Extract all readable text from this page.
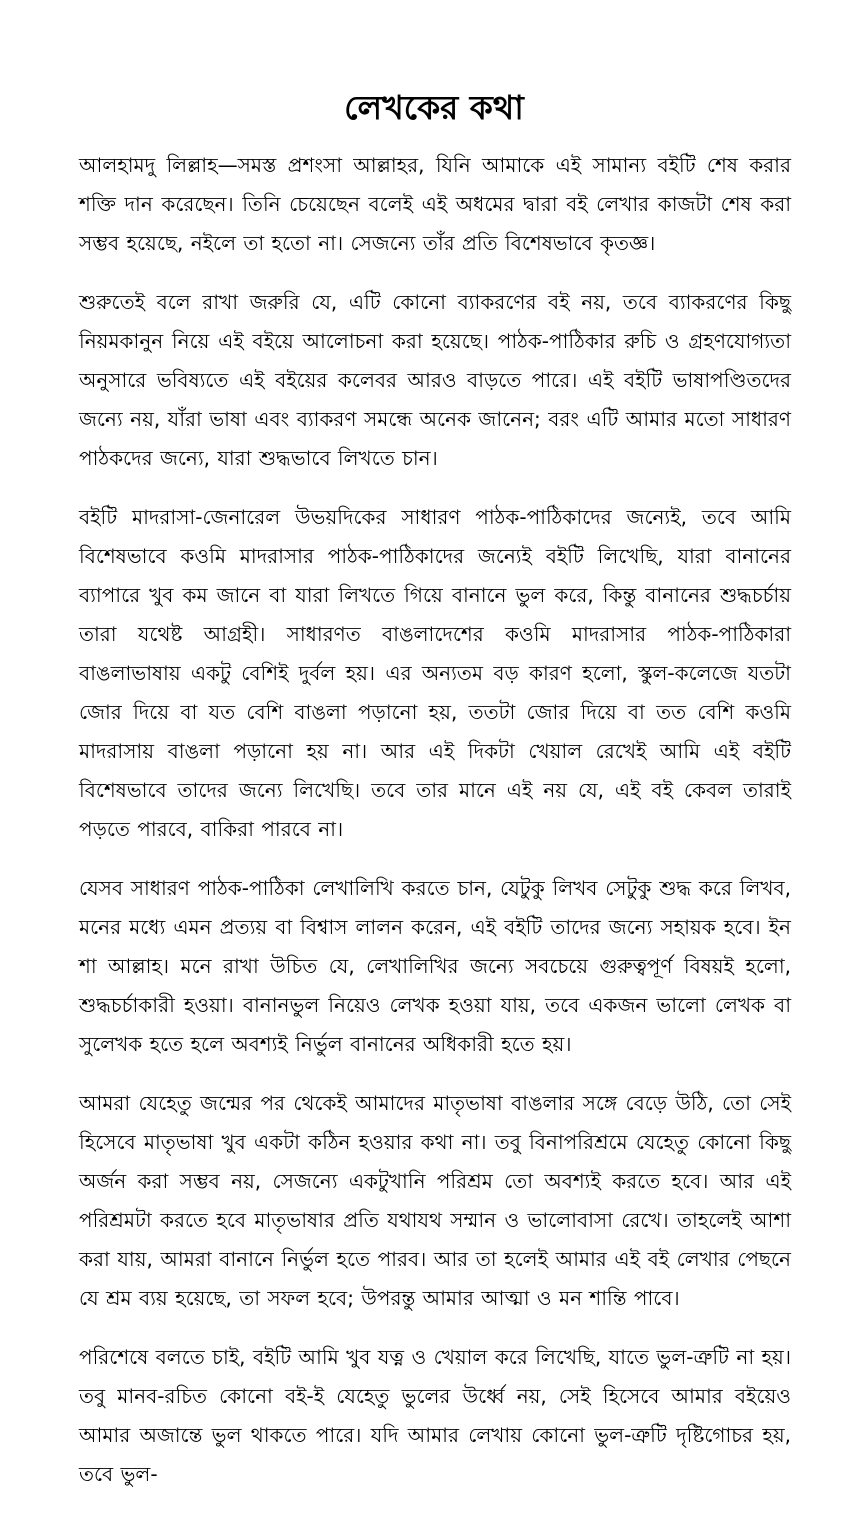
লেখকের কথা

আলহামদু লিল্লাহ—সমস্ত প্রশংসা আল্লাহর, যিনি আমাকে এই সামান্য বইটি শেষ করার শক্তি দান করেছেন। তিনি চেয়েছেন বলেই এই অধমের দ্বারা বই লেখার কাজটা শেষ করা সম্ভব হয়েছে, নইলে তা হতো না। সেজন্যে তাঁর প্রতি বিশেষভাবে কৃতজ্ঞ।

শুরুতেই বলে রাখা জরুরি যে, এটি কোনো ব্যাকরণের বই নয়, তবে ব্যাকরণের কিছু নিয়মকানুন নিয়ে এই বইয়ে আলোচনা করা হয়েছে। পাঠক-পাঠিকার রুচি ও গ্রহণযোগ্যতা অনুসারে ভবিষ্যতে এই বইয়ের কলেবর আরও বাড়তে পারে। এই বইটি ভাষাপণ্ডিতদের জন্যে নয়, যাঁরা ভাষা এবং ব্যাকরণ সমন্ধে অনেক জানেন; বরং এটি আমার মতো সাধারণ পাঠকদের জন্যে, যারা শুদ্ধভাবে লিখতে চান।

বইটি মাদরাসা-জেনারেল উভয়দিকের সাধারণ পাঠক-পাঠিকাদের জন্যেই, তবে আমি বিশেষভাবে কওমি মাদরাসার পাঠক-পাঠিকাদের জন্যেই বইটি লিখেছি, যারা বানানের ব্যাপারে খুব কম জানে বা যারা লিখতে গিয়ে বানানে ভুল করে, কিন্তু বানানের শুদ্ধচর্চায় তারা যথেষ্ট আগ্রহী। সাধারণত বাঙলাদেশের কওমি মাদরাসার পাঠক-পাঠিকারা বাঙলাভাষায় একটু বেশিই দুর্বল হয়। এর অন্যতম বড় কারণ হলো, স্কুল-কলেজে যতটা জোর দিয়ে বা যত বেশি বাঙলা পড়ানো হয়, ততটা জোর দিয়ে বা তত বেশি কওমি মাদরাসায় বাঙলা পড়ানো হয় না। আর এই দিকটা খেয়াল রেখেই আমি এই বইটি বিশেষভাবে তাদের জন্যে লিখেছি। তবে তার মানে এই নয় যে, এই বই কেবল তারাই পড়তে পারবে, বাকিরা পারবে না।

যেসব সাধারণ পাঠক-পাঠিকা লেখালিখি করতে চান, যেটুকু লিখব সেটুকু শুদ্ধ করে লিখব, মনের মধ্যে এমন প্রত্যয় বা বিশ্বাস লালন করেন, এই বইটি তাদের জন্যে সহায়ক হবে। ইন শা আল্লাহ। মনে রাখা উচিত যে, লেখালিখির জন্যে সবচেয়ে গুরুত্বপূর্ণ বিষয়ই হলো, শুদ্ধচর্চাকারী হওয়া। বানানভুল নিয়েও লেখক হওয়া যায়, তবে একজন ভালো লেখক বা সুলেখক হতে হলে অবশ্যই নির্ভুল বানানের অধিকারী হতে হয়।

আমরা যেহেতু জন্মের পর থেকেই আমাদের মাতৃভাষা বাঙলার সঙ্গে বেড়ে উঠি, তো সেই হিসেবে মাতৃভাষা খুব একটা কঠিন হওয়ার কথা না। তবু বিনাপরিশ্রমে যেহেতু কোনো কিছু অর্জন করা সম্ভব নয়, সেজন্যে একটুখানি পরিশ্রম তো অবশ্যই করতে হবে। আর এই পরিশ্রমটা করতে হবে মাতৃভাষার প্রতি যথাযথ সম্মান ও ভালোবাসা রেখে। তাহলেই আশা করা যায়, আমরা বানানে নির্ভুল হতে পারব। আর তা হলেই আমার এই বই লেখার পেছনে যে শ্রম ব্যয় হয়েছে, তা সফল হবে; উপরন্তু আমার আত্মা ও মন শান্তি পাবে।

পরিশেষে বলতে চাই, বইটি আমি খুব যত্ন ও খেয়াল করে লিখেছি, যাতে ভুল-ত্রুটি না হয়। তবু মানব-রচিত কোনো বই-ই যেহেতু ভুলের উর্ধ্বে নয়, সেই হিসেবে আমার বইয়েও আমার অজান্তে ভুল থাকতে পারে। যদি আমার লেখায় কোনো ভুল-ত্রুটি দৃষ্টিগোচর হয়, তবে ভুল-
